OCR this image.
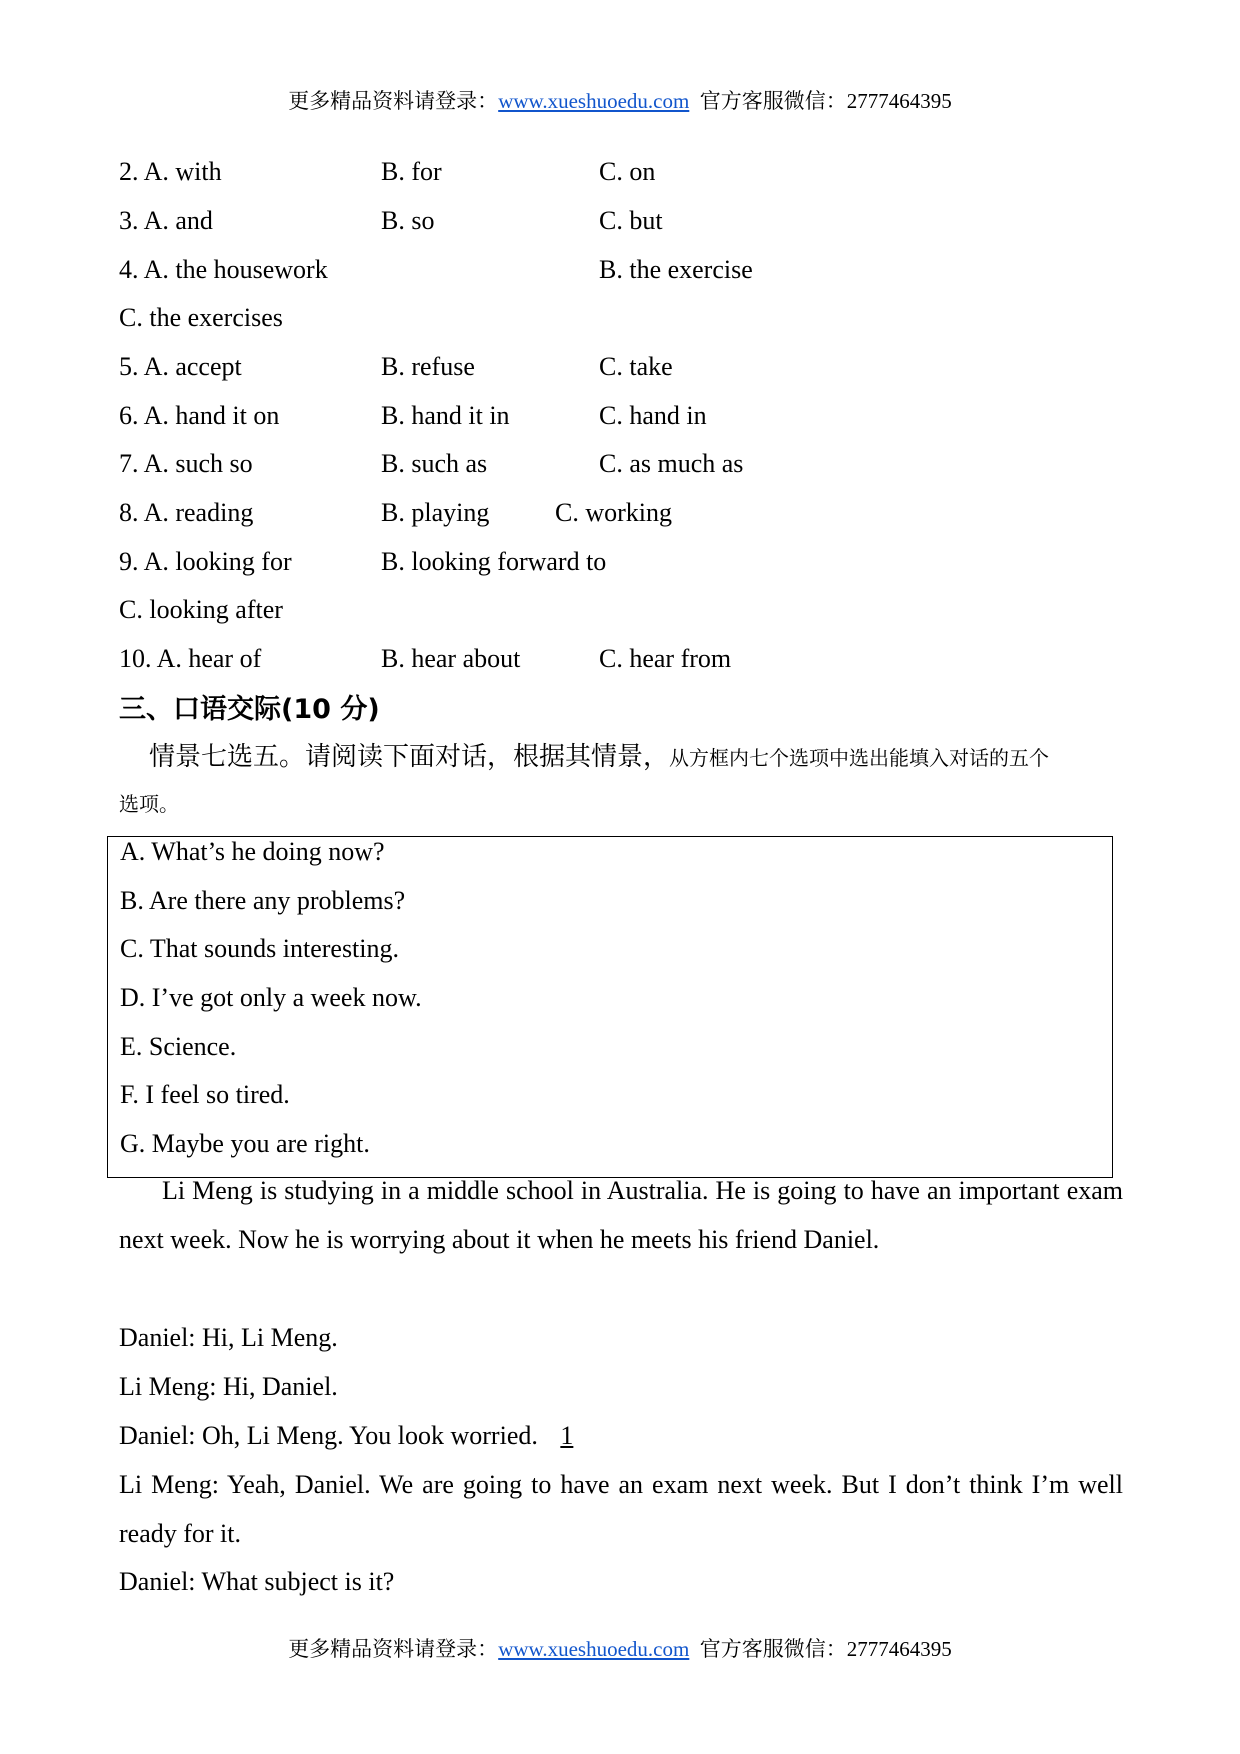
更多精品资料请登录：www.xueshuoedu.com 官方客服微信：2777464395
2. A. with	B. for	C. on
3. A. and	B. so	C. but
4. A. the housework	B. the exercise
C. the exercises
5. A. accept	B. refuse	C. take
6. A. hand it on	B. hand it in	C. hand in
7. A. such so	B. such as	C. as much as
8. A. reading	B. playing	C. working
9. A. looking for	B. looking forward to
C. looking after
10. A. hear of	B. hear about	C. hear from
三、口语交际(10 分)
情景七选五。请阅读下面对话，根据其情景，从方框内七个选项中选出能填入对话的五个
选项。
A. What’s he doing now?
B. Are there any problems?
C. That sounds interesting.
D. I’ve got only a week now.
E. Science.
F. I feel so tired.
G. Maybe you are right.
Li Meng is studying in a middle school in Australia. He is going to have an important exam next week. Now he is worrying about it when he meets his friend Daniel.
Daniel: Hi, Li Meng.
Li Meng: Hi, Daniel.
Daniel: Oh, Li Meng. You look worried. 1
Li Meng: Yeah, Daniel. We are going to have an exam next week. But I don’t think I’m well ready for it.
Daniel: What subject is it?
更多精品资料请登录：www.xueshuoedu.com 官方客服微信：2777464395
